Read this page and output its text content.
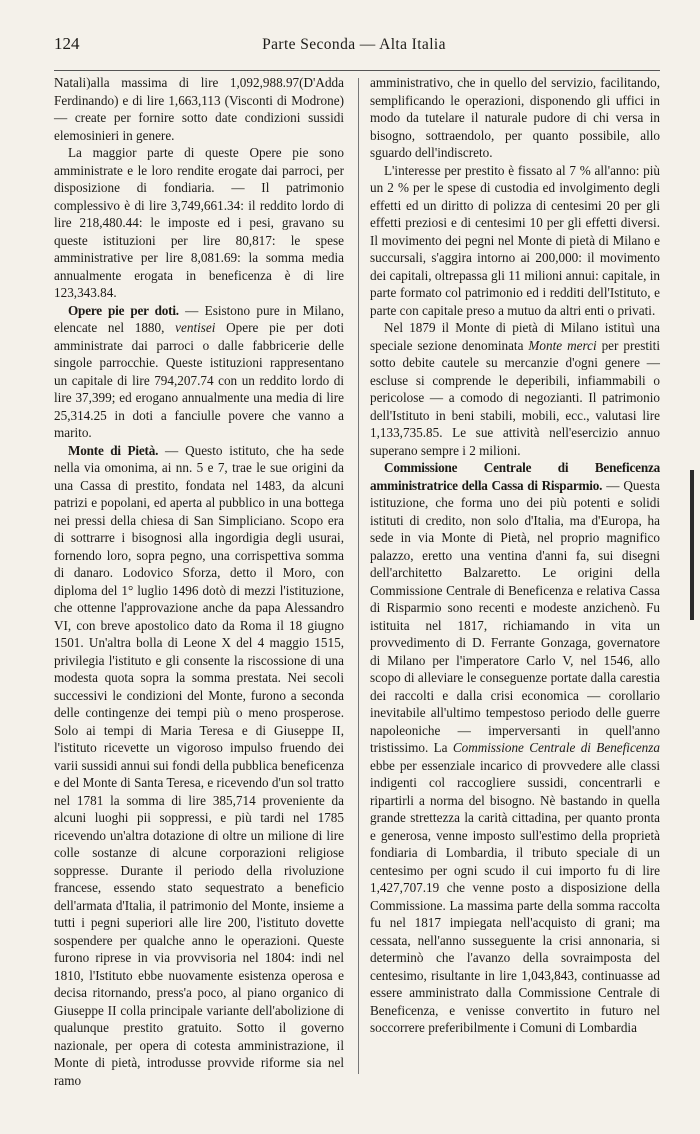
124	Parte Seconda — Alta Italia

Natali)alla massima di lire 1,092,988.97(D'Adda Ferdinando) e di lire 1,663,113 (Visconti di Modrone) — create per fornire sotto date condizioni sussidi elemosinieri in genere.

La maggior parte di queste Opere pie sono amministrate e le loro rendite erogate dai parroci, per disposizione di fondiaria. — Il patrimonio complessivo è di lire 3,749,661.34: il reddito lordo di lire 218,480.44: le imposte ed i pesi, gravano su queste istituzioni per lire 80,817: le spese amministrative per lire 8,081.69: la somma media annualmente erogata in beneficenza è di lire 123,343.84.

Opere pie per doti. — Esistono pure in Milano, elencate nel 1880, ventisei Opere pie per doti amministrate dai parroci o dalle fabbricerie delle singole parrocchie. Queste istituzioni rappresentano un capitale di lire 794,207.74 con un reddito lordo di lire 37,399; ed erogano annualmente una media di lire 25,314.25 in doti a fanciulle povere che vanno a marito.

Monte di Pietà. — Questo istituto, che ha sede nella via omonima, ai nn. 5 e 7, trae le sue origini da una Cassa di prestito, fondata nel 1483, da alcuni patrizi e popolani, ed aperta al pubblico in una bottega nei pressi della chiesa di San Simpliciano. Scopo era di sottrarre i bisognosi alla ingordigia degli usurai, fornendo loro, sopra pegno, una corrispettiva somma di danaro. Lodovico Sforza, detto il Moro, con diploma del 1° luglio 1496 dotò di mezzi l'istituzione, che ottenne l'approvazione anche da papa Alessandro VI, con breve apostolico dato da Roma il 18 giugno 1501. Un'altra bolla di Leone X del 4 maggio 1515, privilegia l'istituto e gli consente la riscossione di una modesta quota sopra la somma prestata. Nei secoli successivi le condizioni del Monte, furono a seconda delle contingenze dei tempi più o meno prosperose. Solo ai tempi di Maria Teresa e di Giuseppe II, l'istituto ricevette un vigoroso impulso fruendo dei varii sussidi annui sui fondi della pubblica beneficenza e del Monte di Santa Teresa, e ricevendo d'un sol tratto nel 1781 la somma di lire 385,714 proveniente da alcuni luoghi pii soppressi, e più tardi nel 1785 ricevendo un'altra dotazione di oltre un milione di lire colle sostanze di alcune corporazioni religiose soppresse. Durante il periodo della rivoluzione francese, essendo stato sequestrato a beneficio dell'armata d'Italia, il patrimonio del Monte, insieme a tutti i pegni superiori alle lire 200, l'istituto dovette sospendere per qualche anno le operazioni. Queste furono riprese in via provvisoria nel 1804: indi nel 1810, l'Istituto ebbe nuovamente esistenza operosa e decisa ritornando, press'a poco, al piano organico di Giuseppe II colla principale variante dell'abolizione di qualunque prestito gratuito. Sotto il governo nazionale, per opera di cotesta amministrazione, il Monte di pietà, introdusse provvide riforme sia nel ramo

amministrativo, che in quello del servizio, facilitando, semplificando le operazioni, disponendo gli uffici in modo da tutelare il naturale pudore di chi versa in bisogno, sottraendolo, per quanto possibile, allo sguardo dell'indiscreto.

L'interesse per prestito è fissato al 7 % all'anno: più un 2 % per le spese di custodia ed involgimento degli effetti ed un diritto di polizza di centesimi 20 per gli effetti preziosi e di centesimi 10 per gli effetti diversi. Il movimento dei pegni nel Monte di pietà di Milano e succursali, s'aggira intorno ai 200,000: il movimento dei capitali, oltrepassa gli 11 milioni annui: capitale, in parte formato col patrimonio ed i redditi dell'Istituto, e parte con capitale preso a mutuo da altri enti o privati.

Nel 1879 il Monte di pietà di Milano istituì una speciale sezione denominata Monte merci per prestiti sotto debite cautele su mercanzie d'ogni genere — escluse si comprende le deperibili, infiammabili o pericolose — a comodo di negozianti. Il patrimonio dell'Istituto in beni stabili, mobili, ecc., valutasi lire 1,133,735.85. Le sue attività nell'esercizio annuo superano sempre i 2 milioni.

Commissione Centrale di Beneficenza amministratrice della Cassa di Risparmio. — Questa istituzione, che forma uno dei più potenti e solidi istituti di credito, non solo d'Italia, ma d'Europa, ha sede in via Monte di Pietà, nel proprio magnifico palazzo, eretto una ventina d'anni fa, sui disegni dell'architetto Balzaretto. Le origini della Commissione Centrale di Beneficenza e relativa Cassa di Risparmio sono recenti e modeste anzichenò. Fu istituita nel 1817, richiamando in vita un provvedimento di D. Ferrante Gonzaga, governatore di Milano per l'imperatore Carlo V, nel 1546, allo scopo di alleviare le conseguenze portate dalla carestia dei raccolti e dalla crisi economica — corollario inevitabile all'ultimo tempestoso periodo delle guerre napoleoniche — imperversanti in quell'anno tristissimo. La Commissione Centrale di Beneficenza ebbe per essenziale incarico di provvedere alle classi indigenti col raccogliere sussidi, concentrarli e ripartirli a norma del bisogno. Nè bastando in quella grande strettezza la carità cittadina, per quanto pronta e generosa, venne imposto sull'estimo della proprietà fondiaria di Lombardia, il tributo speciale di un centesimo per ogni scudo il cui importo fu di lire 1,427,707.19 che venne posto a disposizione della Commissione. La massima parte della somma raccolta fu nel 1817 impiegata nell'acquisto di grani; ma cessata, nell'anno susseguente la crisi annonaria, si determinò che l'avanzo della sovraimposta del centesimo, risultante in lire 1,043,843, continuasse ad essere amministrato dalla Commissione Centrale di Beneficenza, e venisse convertito in futuro nel soccorrere preferibilmente i Comuni di Lombardia
